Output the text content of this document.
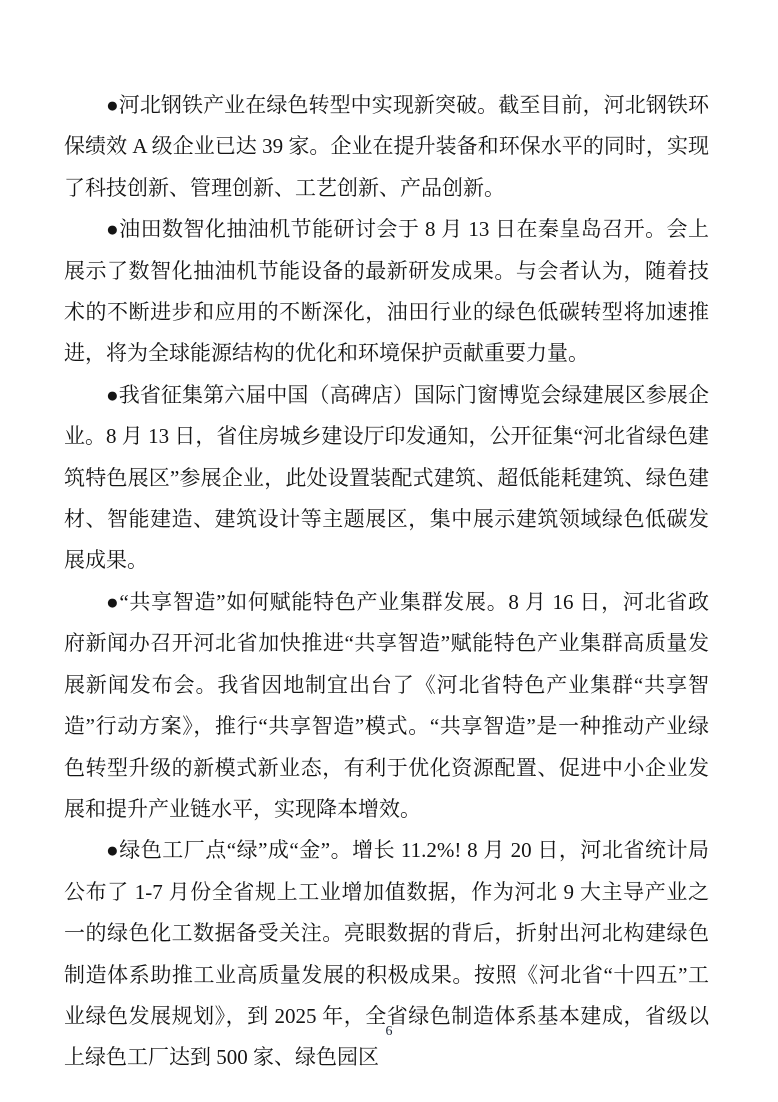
●河北钢铁产业在绿色转型中实现新突破。截至目前，河北钢铁环保绩效 A 级企业已达 39 家。企业在提升装备和环保水平的同时，实现了科技创新、管理创新、工艺创新、产品创新。

●油田数智化抽油机节能研讨会于 8 月 13 日在秦皇岛召开。会上展示了数智化抽油机节能设备的最新研发成果。与会者认为，随着技术的不断进步和应用的不断深化，油田行业的绿色低碳转型将加速推进，将为全球能源结构的优化和环境保护贡献重要力量。

●我省征集第六届中国（高碑店）国际门窗博览会绿建展区参展企业。8 月 13 日，省住房城乡建设厅印发通知，公开征集“河北省绿色建筑特色展区”参展企业，此处设置装配式建筑、超低能耗建筑、绿色建材、智能建造、建筑设计等主题展区，集中展示建筑领域绿色低碳发展成果。

●“共享智造”如何赋能特色产业集群发展。8 月 16 日，河北省政府新闻办召开河北省加快推进“共享智造”赋能特色产业集群高质量发展新闻发布会。我省因地制宜出台了《河北省特色产业集群“共享智造”行动方案》，推行“共享智造”模式。“共享智造”是一种推动产业绿色转型升级的新模式新业态，有利于优化资源配置、促进中小企业发展和提升产业链水平，实现降本增效。

●绿色工厂点“绿”成“金”。增长 11.2%! 8 月 20 日，河北省统计局公布了 1-7 月份全省规上工业增加值数据，作为河北 9 大主导产业之一的绿色化工数据备受关注。亮眼数据的背后，折射出河北构建绿色制造体系助推工业高质量发展的积极成果。按照《河北省“十四五”工业绿色发展规划》，到 2025 年，全省绿色制造体系基本建成，省级以上绿色工厂达到 500 家、绿色园区

6
